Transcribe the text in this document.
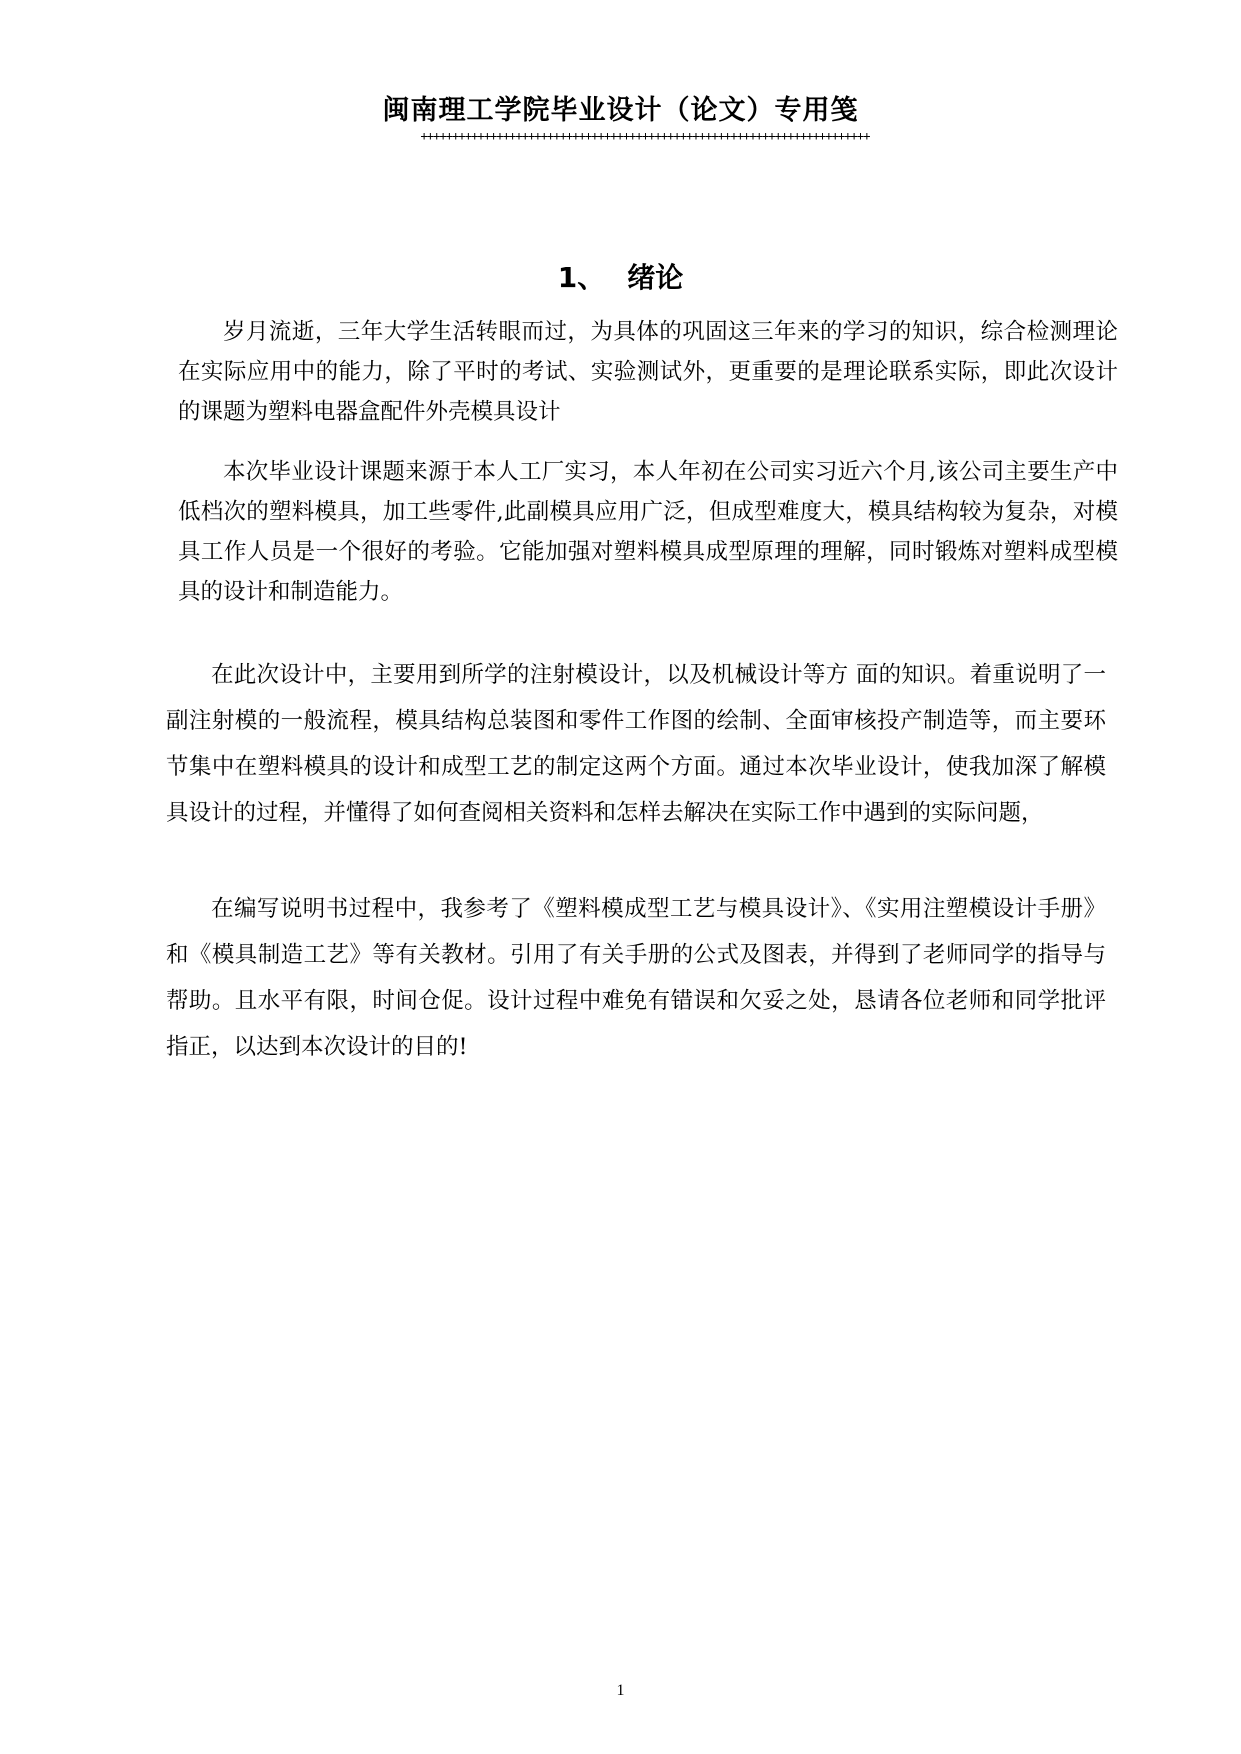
闽南理工学院毕业设计（论文）专用笺
+++++++++++++++++++++++++++++++++++++++++++++++++++++++++++++++++++++++
1、 绪论

岁月流逝，三年大学生活转眼而过，为具体的巩固这三年来的学习的知识，综合检测理论在实际应用中的能力，除了平时的考试、实验测试外，更重要的是理论联系实际，即此次设计的课题为塑料电器盒配件外壳模具设计

本次毕业设计课题来源于本人工厂实习，本人年初在公司实习近六个月,该公司主要生产中低档次的塑料模具，加工些零件,此副模具应用广泛，但成型难度大，模具结构较为复杂，对模具工作人员是一个很好的考验。它能加强对塑料模具成型原理的理解，同时锻炼对塑料成型模具的设计和制造能力。

在此次设计中，主要用到所学的注射模设计，以及机械设计等方 面的知识。着重说明了一副注射模的一般流程，模具结构总装图和零件工作图的绘制、全面审核投产制造等，而主要环节集中在塑料模具的设计和成型工艺的制定这两个方面。通过本次毕业设计，使我加深了解模具设计的过程，并懂得了如何查阅相关资料和怎样去解决在实际工作中遇到的实际问题，

在编写说明书过程中，我参考了《塑料模成型工艺与模具设计》、《实用注塑模设计手册》和《模具制造工艺》等有关教材。引用了有关手册的公式及图表，并得到了老师同学的指导与帮助。且水平有限，时间仓促。设计过程中难免有错误和欠妥之处，恳请各位老师和同学批评指正，以达到本次设计的目的!

1
